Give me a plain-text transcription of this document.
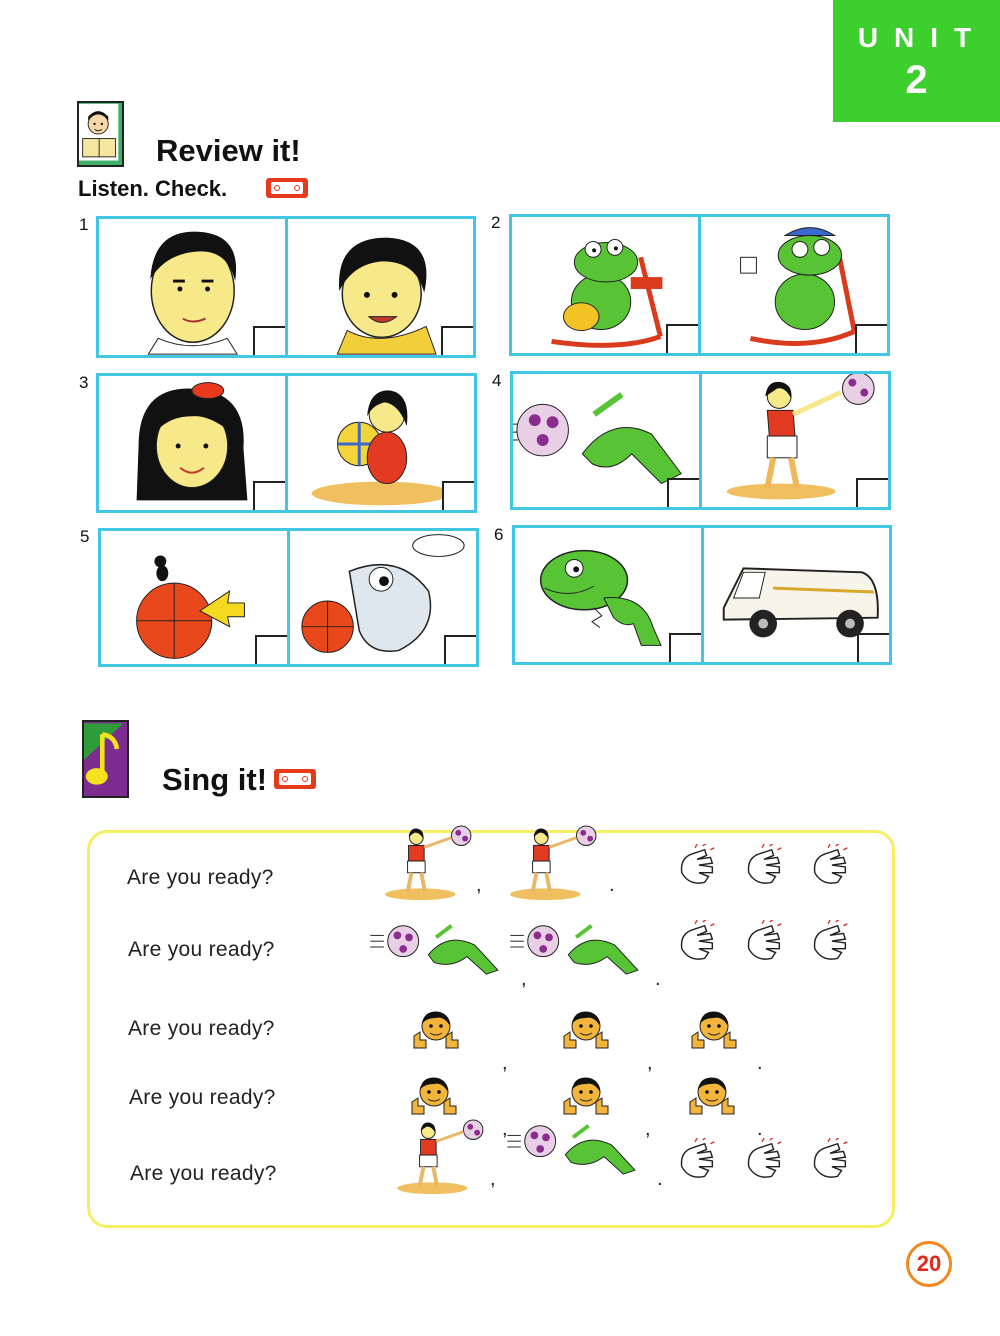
UNIT
2
Review it!
Listen. Check.
1	2
3	4
5	6
Sing it!
Are you ready?
Are you ready?
Are you ready?
Are you ready?
Are you ready?
,	.
,	.
,	,	.
,	,	.
,	.
20
